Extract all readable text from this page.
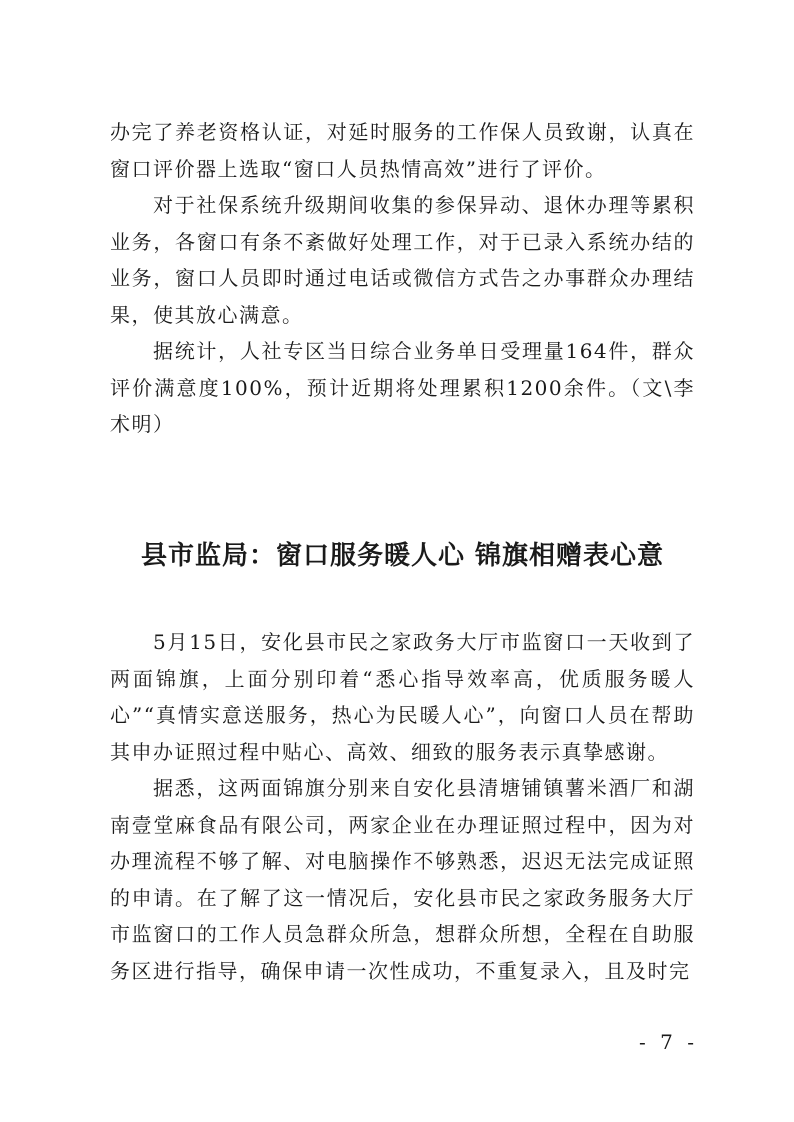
办完了养老资格认证，对延时服务的工作保人员致谢，认真在窗口评价器上选取“窗口人员热情高效”进行了评价。

对于社保系统升级期间收集的参保异动、退休办理等累积业务，各窗口有条不紊做好处理工作，对于已录入系统办结的业务，窗口人员即时通过电话或微信方式告之办事群众办理结果，使其放心满意。

据统计，人社专区当日综合业务单日受理量164件，群众评价满意度100%，预计近期将处理累积1200余件。（文\李术明）

县市监局：窗口服务暖人心 锦旗相赠表心意

5月15日，安化县市民之家政务大厅市监窗口一天收到了两面锦旗，上面分别印着“悉心指导效率高，优质服务暖人心”“真情实意送服务，热心为民暖人心”，向窗口人员在帮助其申办证照过程中贴心、高效、细致的服务表示真挚感谢。

据悉，这两面锦旗分别来自安化县清塘铺镇薯米酒厂和湖南壹堂麻食品有限公司，两家企业在办理证照过程中，因为对办理流程不够了解、对电脑操作不够熟悉，迟迟无法完成证照的申请。在了解了这一情况后，安化县市民之家政务服务大厅市监窗口的工作人员急群众所急，想群众所想，全程在自助服务区进行指导，确保申请一次性成功，不重复录入，且及时完

- 7 -
